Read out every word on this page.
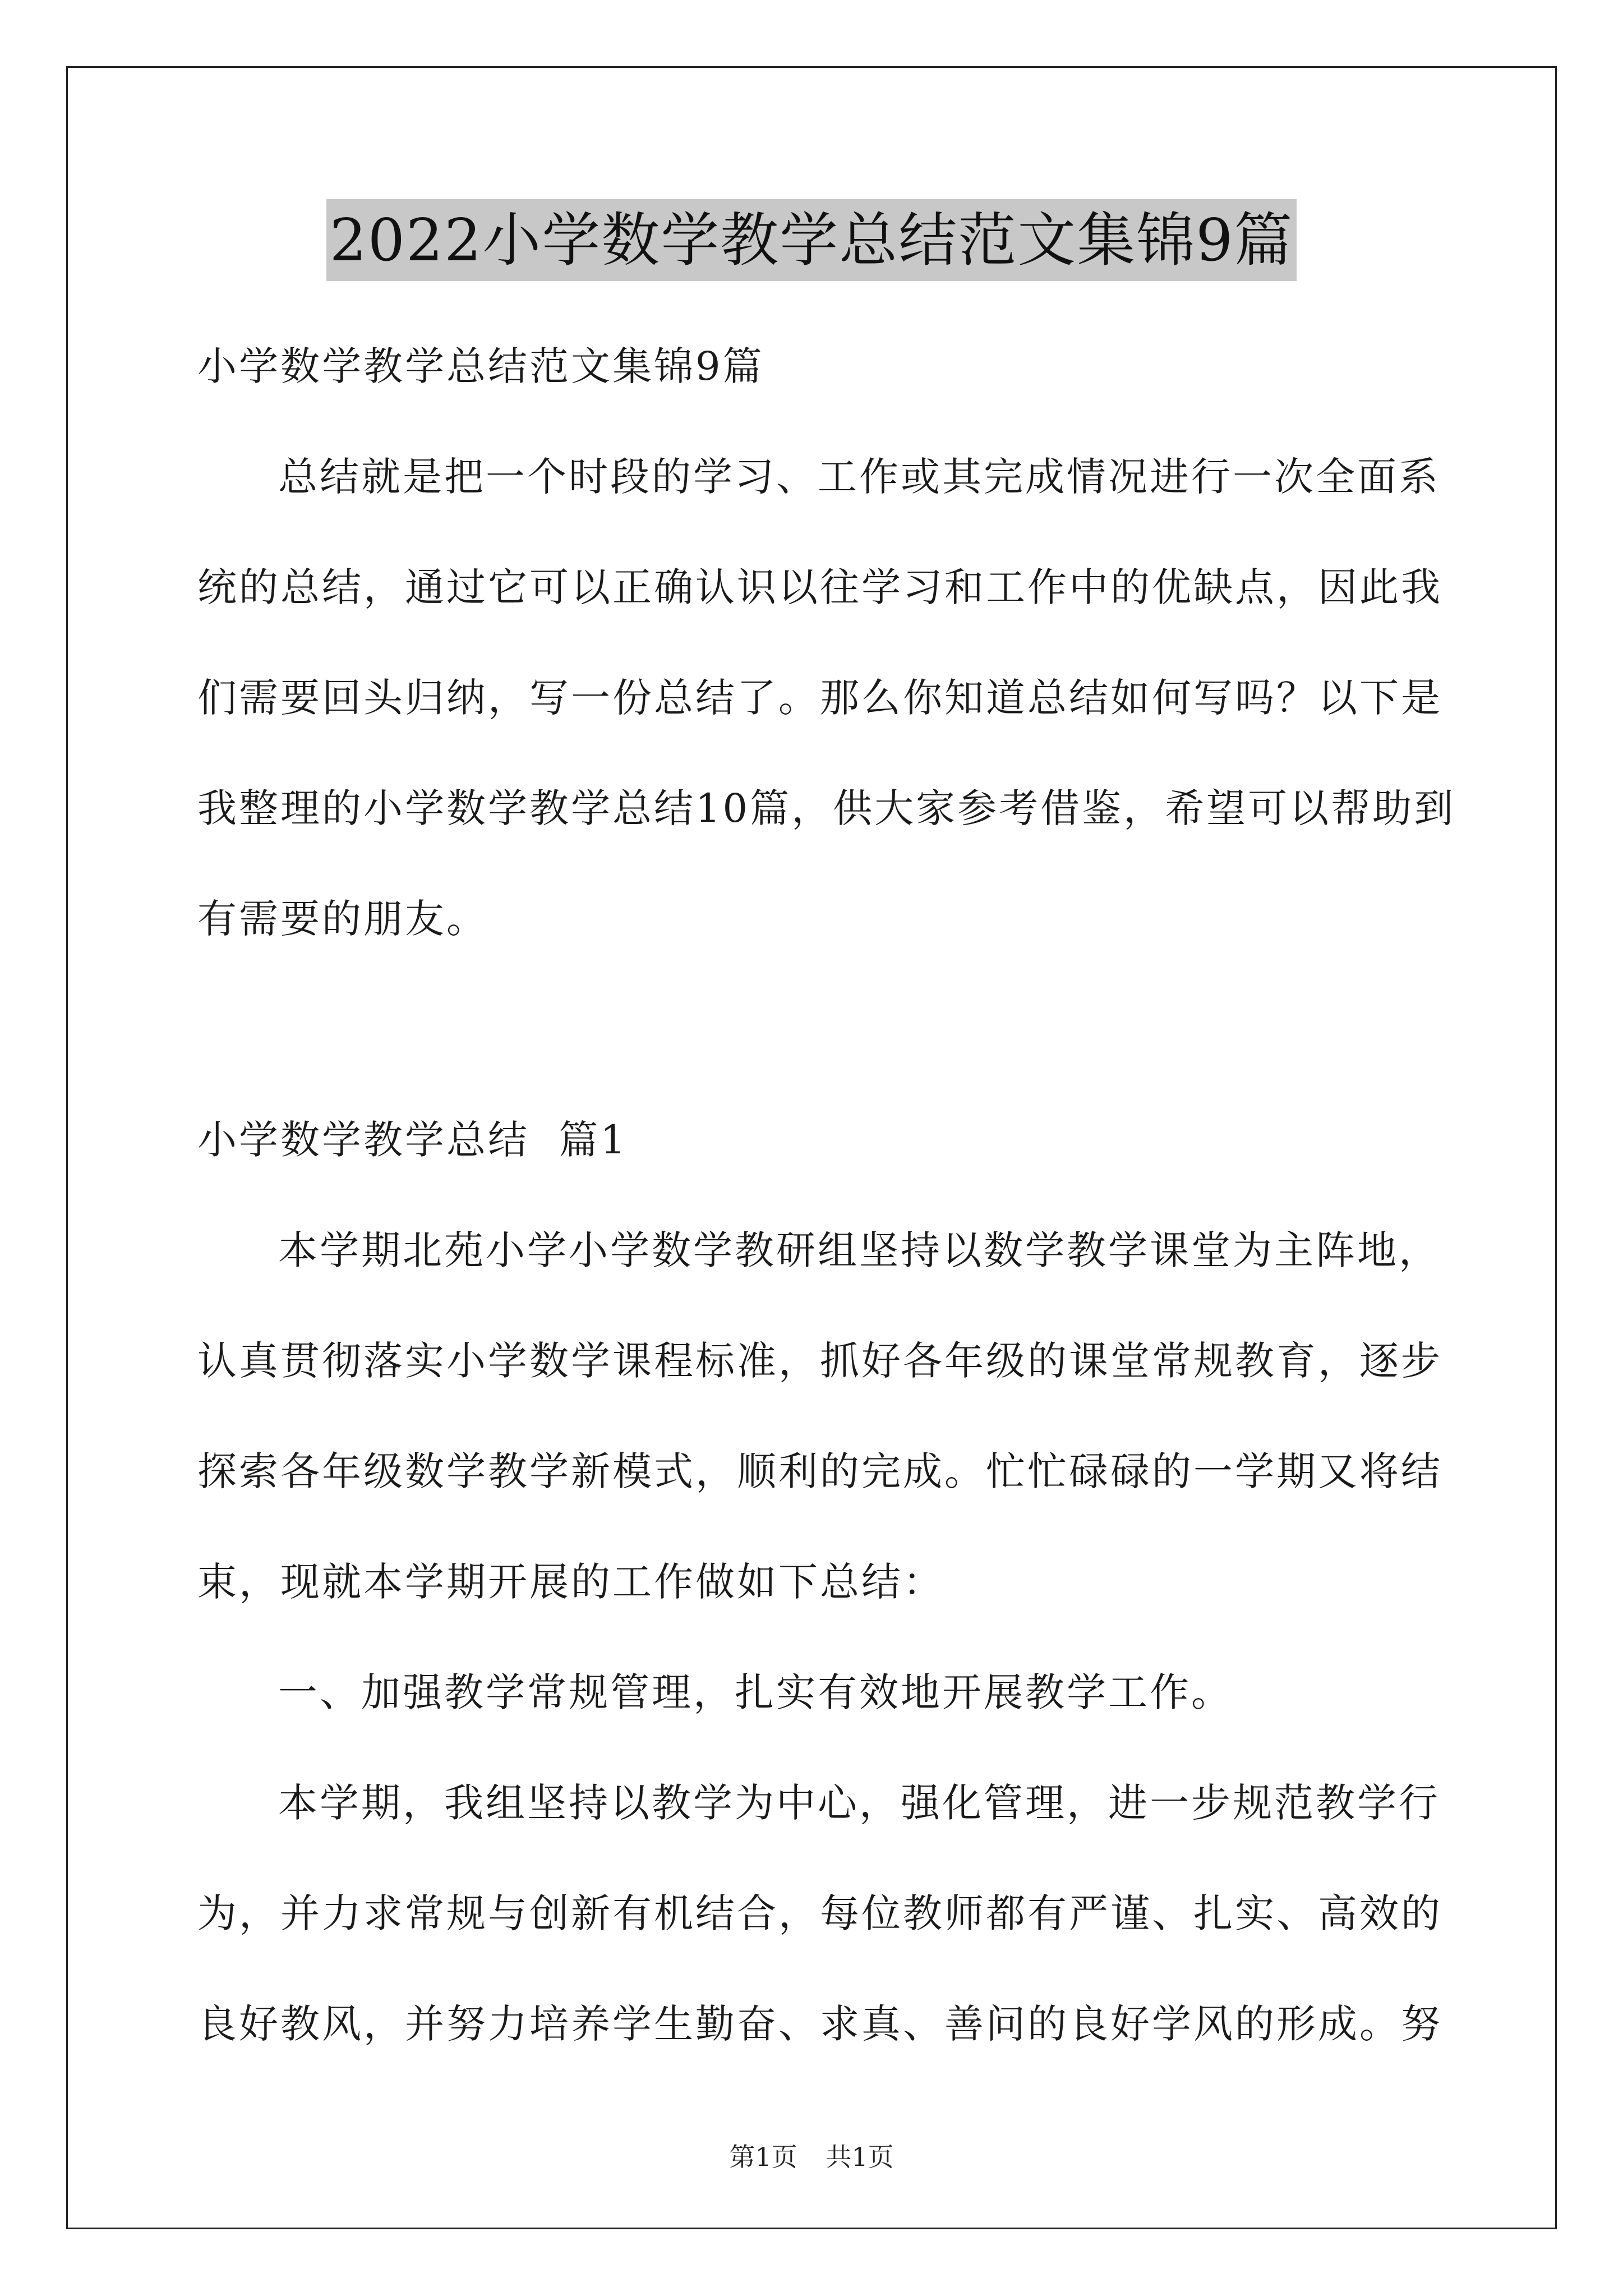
2022小学数学教学总结范文集锦9篇
小学数学教学总结范文集锦9篇
总结就是把一个时段的学习、工作或其完成情况进行一次全面系
统的总结，通过它可以正确认识以往学习和工作中的优缺点，因此我
们需要回头归纳，写一份总结了。那么你知道总结如何写吗？以下是
我整理的小学数学教学总结10篇，供大家参考借鉴，希望可以帮助到
有需要的朋友。
小学数学教学总结  篇1
本学期北苑小学小学数学教研组坚持以数学教学课堂为主阵地，
认真贯彻落实小学数学课程标准，抓好各年级的课堂常规教育，逐步
探索各年级数学教学新模式，顺利的完成。忙忙碌碌的一学期又将结
束，现就本学期开展的工作做如下总结：
一、加强教学常规管理，扎实有效地开展教学工作。
本学期，我组坚持以教学为中心，强化管理，进一步规范教学行
为，并力求常规与创新有机结合，每位教师都有严谨、扎实、高效的
良好教风，并努力培养学生勤奋、求真、善问的良好学风的形成。努
第1页 共1页
